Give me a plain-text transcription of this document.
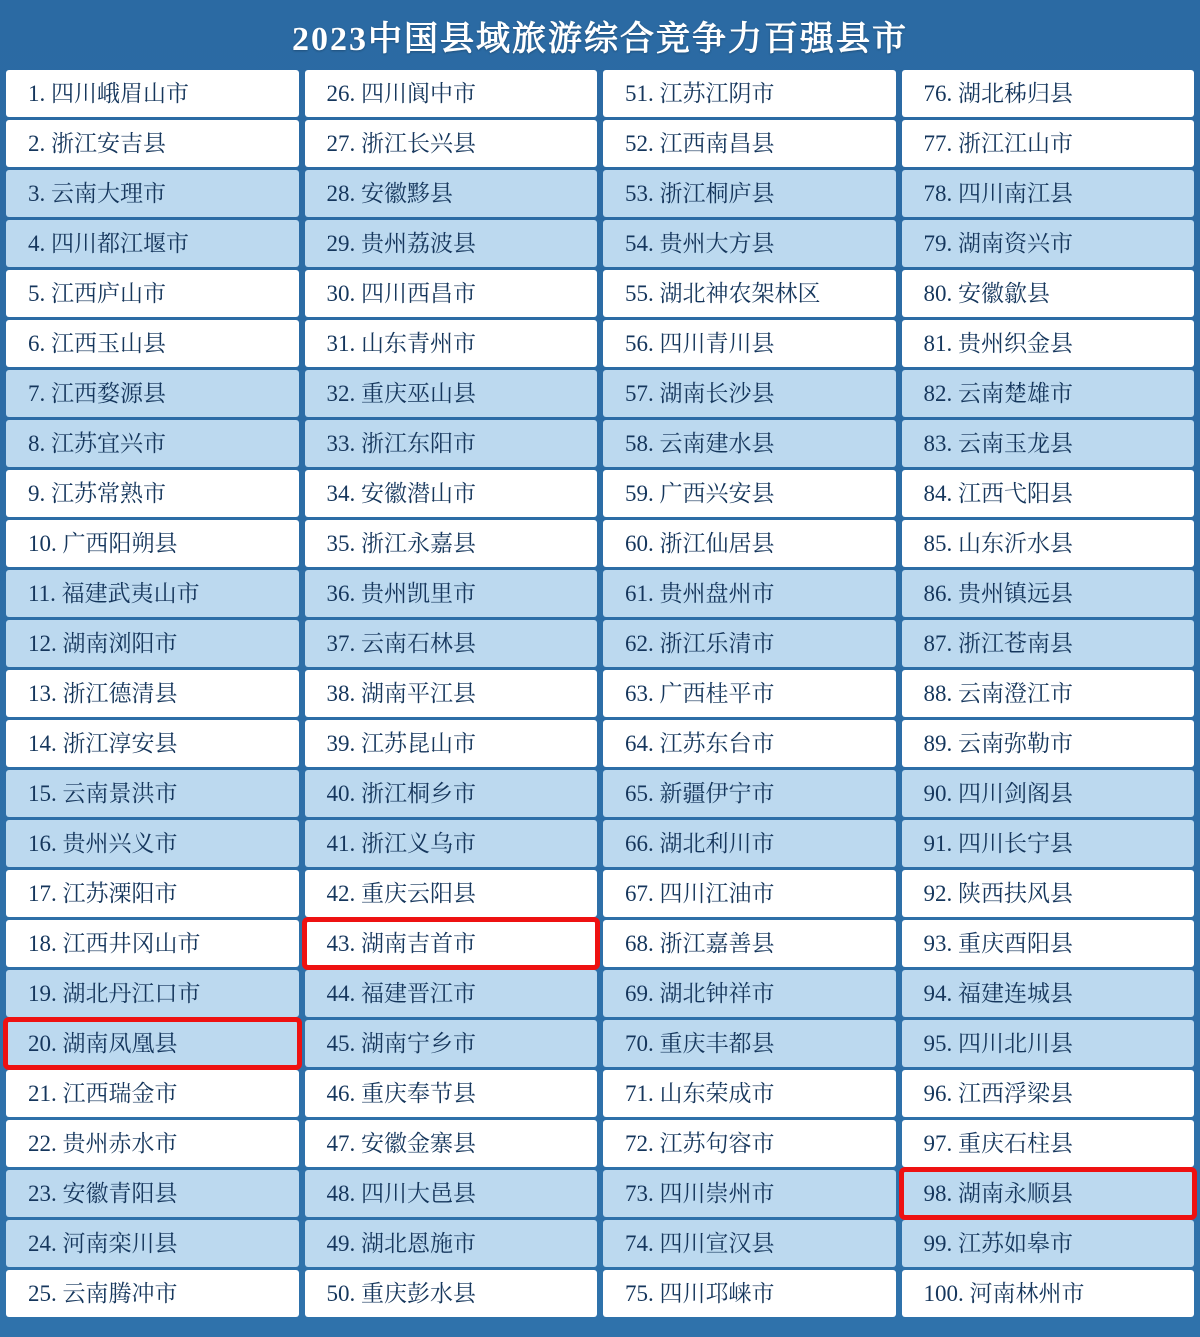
2023中国县域旅游综合竞争力百强县市
1. 四川峨眉山市
2. 浙江安吉县
3. 云南大理市
4. 四川都江堰市
5. 江西庐山市
6. 江西玉山县
7. 江西婺源县
8. 江苏宜兴市
9. 江苏常熟市
10. 广西阳朔县
11. 福建武夷山市
12. 湖南浏阳市
13. 浙江德清县
14. 浙江淳安县
15. 云南景洪市
16. 贵州兴义市
17. 江苏溧阳市
18. 江西井冈山市
19. 湖北丹江口市
20. 湖南凤凰县
21. 江西瑞金市
22. 贵州赤水市
23. 安徽青阳县
24. 河南栾川县
25. 云南腾冲市
26. 四川阆中市
27. 浙江长兴县
28. 安徽黟县
29. 贵州荔波县
30. 四川西昌市
31. 山东青州市
32. 重庆巫山县
33. 浙江东阳市
34. 安徽潜山市
35. 浙江永嘉县
36. 贵州凯里市
37. 云南石林县
38. 湖南平江县
39. 江苏昆山市
40. 浙江桐乡市
41. 浙江义乌市
42. 重庆云阳县
43. 湖南吉首市
44. 福建晋江市
45. 湖南宁乡市
46. 重庆奉节县
47. 安徽金寨县
48. 四川大邑县
49. 湖北恩施市
50. 重庆彭水县
51. 江苏江阴市
52. 江西南昌县
53. 浙江桐庐县
54. 贵州大方县
55. 湖北神农架林区
56. 四川青川县
57. 湖南长沙县
58. 云南建水县
59. 广西兴安县
60. 浙江仙居县
61. 贵州盘州市
62. 浙江乐清市
63. 广西桂平市
64. 江苏东台市
65. 新疆伊宁市
66. 湖北利川市
67. 四川江油市
68. 浙江嘉善县
69. 湖北钟祥市
70. 重庆丰都县
71. 山东荣成市
72. 江苏句容市
73. 四川崇州市
74. 四川宣汉县
75. 四川邛崃市
76. 湖北秭归县
77. 浙江江山市
78. 四川南江县
79. 湖南资兴市
80. 安徽歙县
81. 贵州织金县
82. 云南楚雄市
83. 云南玉龙县
84. 江西弋阳县
85. 山东沂水县
86. 贵州镇远县
87. 浙江苍南县
88. 云南澄江市
89. 云南弥勒市
90. 四川剑阁县
91. 四川长宁县
92. 陕西扶风县
93. 重庆酉阳县
94. 福建连城县
95. 四川北川县
96. 江西浮梁县
97. 重庆石柱县
98. 湖南永顺县
99. 江苏如皋市
100. 河南林州市
